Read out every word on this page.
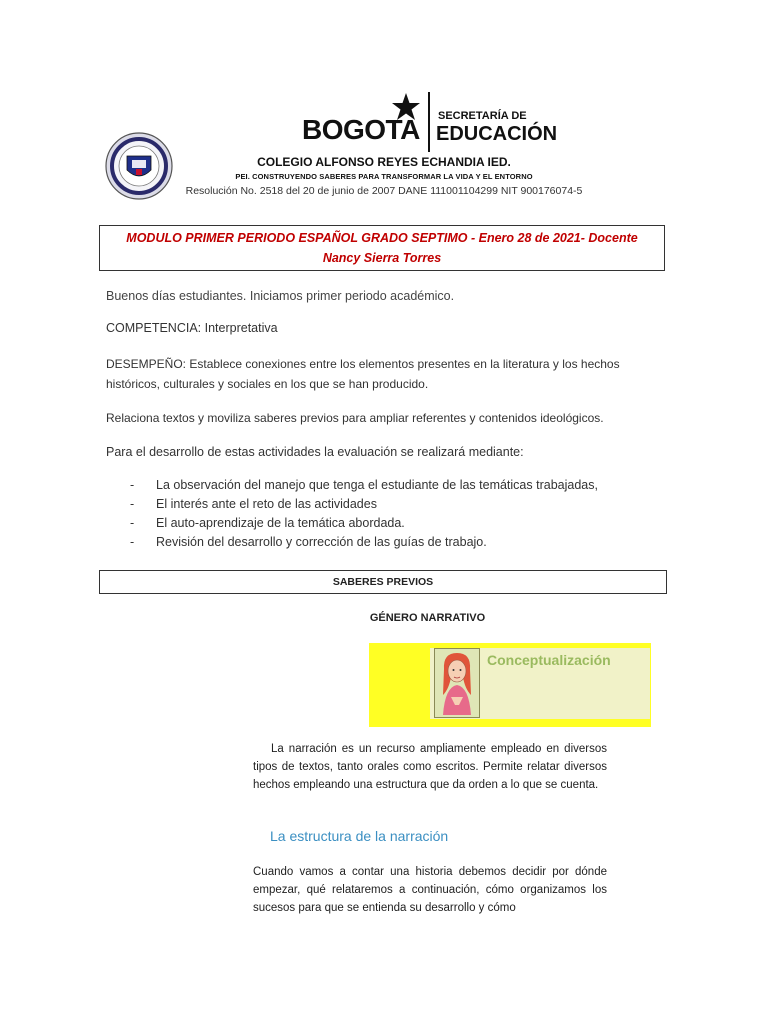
BOGOTA SECRETARÍA DE
EDUCACIÓN
COLEGIO ALFONSO REYES ECHANDIA IED.
PEI. CONSTRUYENDO SABERES PARA TRANSFORMAR LA VIDA Y EL ENTORNO
Resolución No. 2518 del 20 de junio de 2007 DANE 111001104299 NIT 900176074-5
MODULO PRIMER PERIODO ESPAÑOL GRADO SEPTIMO - Enero 28 de 2021- Docente
Nancy Sierra Torres
Buenos días estudiantes. Iniciamos primer periodo académico.
COMPETENCIA: Interpretativa
DESEMPEÑO: Establece conexiones entre los elementos presentes en la literatura y los hechos históricos, culturales y sociales en los que se han producido.
Relaciona textos y moviliza saberes previos para ampliar referentes y contenidos ideológicos.
Para el desarrollo de estas actividades la evaluación se realizará mediante:
- La observación del manejo que tenga el estudiante de las temáticas trabajadas,
- El interés ante el reto de las actividades
- El auto-aprendizaje de la temática abordada.
- Revisión del desarrollo y corrección de las guías de trabajo.
SABERES PREVIOS
GÉNERO NARRATIVO
Conceptualización
La narración es un recurso ampliamente empleado en diversos tipos de textos, tanto orales como escritos. Permite relatar diversos hechos empleando una estructura que da orden a lo que se cuenta.
La estructura de la narración
Cuando vamos a contar una historia debemos decidir por dónde empezar, qué relataremos a continuación, cómo organizamos los sucesos para que se entienda su desarrollo y cómo
